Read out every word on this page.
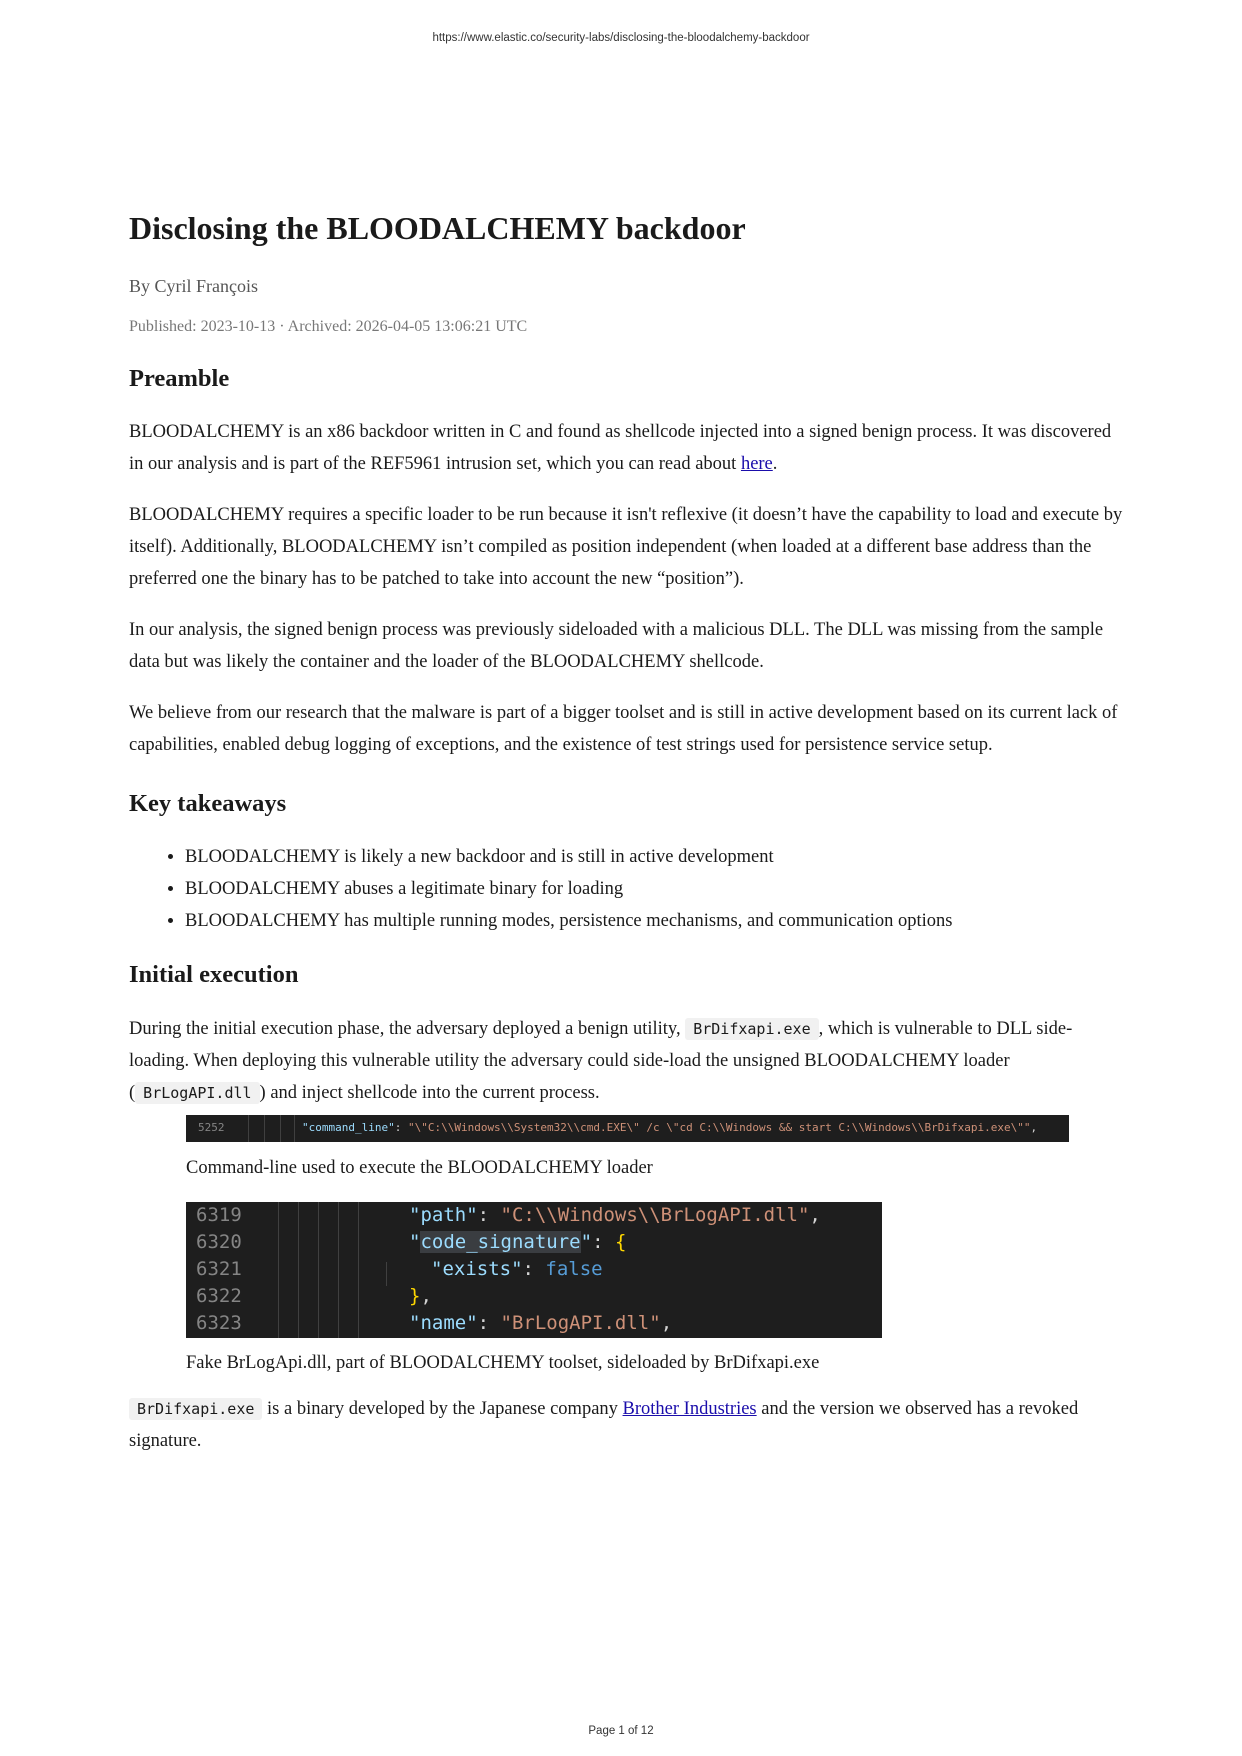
https://www.elastic.co/security-labs/disclosing-the-bloodalchemy-backdoor
Disclosing the BLOODALCHEMY backdoor
By Cyril François
Published: 2023-10-13 · Archived: 2026-04-05 13:06:21 UTC
Preamble

BLOODALCHEMY is an x86 backdoor written in C and found as shellcode injected into a signed benign process. It was discovered in our analysis and is part of the REF5961 intrusion set, which you can read about here.

BLOODALCHEMY requires a specific loader to be run because it isn't reflexive (it doesn’t have the capability to load and execute by itself). Additionally, BLOODALCHEMY isn’t compiled as position independent (when loaded at a different base address than the preferred one the binary has to be patched to take into account the new “position”).

In our analysis, the signed benign process was previously sideloaded with a malicious DLL. The DLL was missing from the sample data but was likely the container and the loader of the BLOODALCHEMY shellcode.

We believe from our research that the malware is part of a bigger toolset and is still in active development based on its current lack of capabilities, enabled debug logging of exceptions, and the existence of test strings used for persistence service setup.

Key takeaways
• BLOODALCHEMY is likely a new backdoor and is still in active development
• BLOODALCHEMY abuses a legitimate binary for loading
• BLOODALCHEMY has multiple running modes, persistence mechanisms, and communication options
Initial execution

During the initial execution phase, the adversary deployed a benign utility, BrDifxapi.exe , which is vulnerable to DLL side-loading. When deploying this vulnerable utility the adversary could side-load the unsigned BLOODALCHEMY loader ( BrLogAPI.dll ) and inject shellcode into the current process.

5252	"command_line": "\"C:\\Windows\\System32\\cmd.EXE\" /c \"cd C:\\Windows && start C:\\Windows\\BrDifxapi.exe\"",
Command-line used to execute the BLOODALCHEMY loader
6319
6320
6321
6322
6323
"path": "C:\\Windows\\BrLogAPI.dll",
"code_signature": {
"exists": false
},
"name": "BrLogAPI.dll",
Fake BrLogApi.dll, part of BLOODALCHEMY toolset, sideloaded by BrDifxapi.exe

BrDifxapi.exe is a binary developed by the Japanese company Brother Industries and the version we observed has a revoked signature.

Page 1 of 12
